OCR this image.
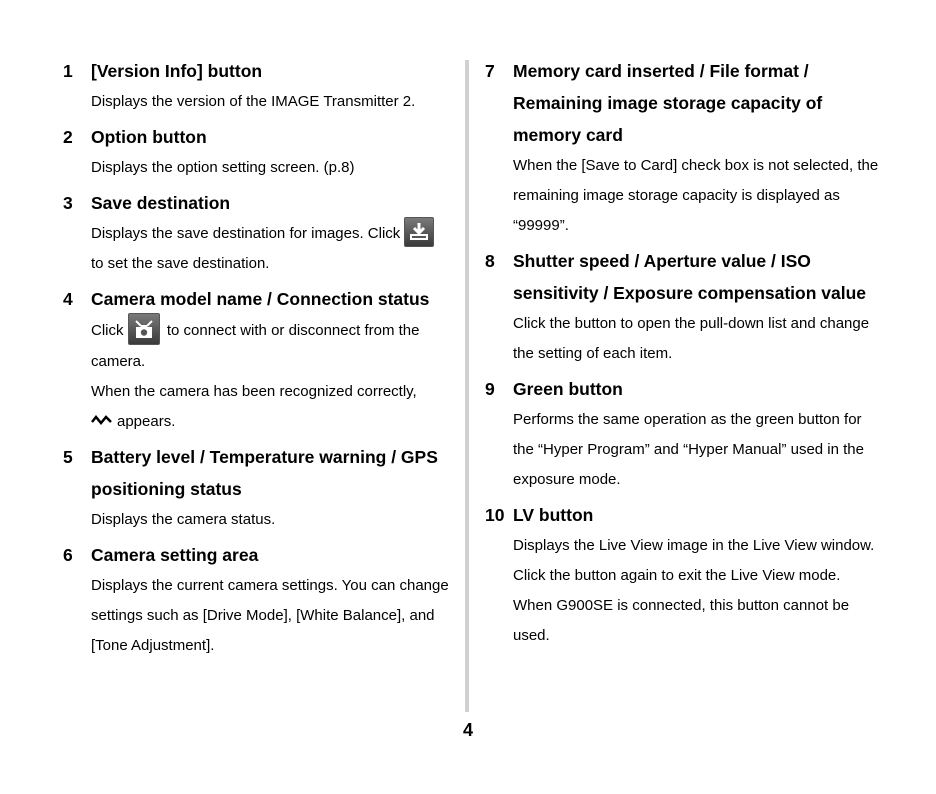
1	[Version Info] button

Displays the version of the IMAGE Transmitter 2.

2	Option button

Displays the option setting screen. (p.8)

3	Save destination

Displays the save destination for images. Click

to set the save destination.

4	Camera model name / Connection status

Click	to connect with or disconnect from the camera.

When the camera has been recognized correctly,

appears.

5	Battery level / Temperature warning / GPS positioning status

Displays the camera status.

6	Camera setting area

Displays the current camera settings. You can change settings such as [Drive Mode], [White Balance], and [Tone Adjustment].

7	Memory card inserted / File format / Remaining image storage capacity of memory card

When the [Save to Card] check box is not selected, the remaining image storage capacity is displayed as “99999”.

8	Shutter speed / Aperture value / ISO sensitivity / Exposure compensation value

Click the button to open the pull-down list and change the setting of each item.

9	Green button

Performs the same operation as the green button for the “Hyper Program” and “Hyper Manual” used in the exposure mode.

10 LV button

Displays the Live View image in the Live View window. Click the button again to exit the Live View mode.

When G900SE is connected, this button cannot be used.

4
